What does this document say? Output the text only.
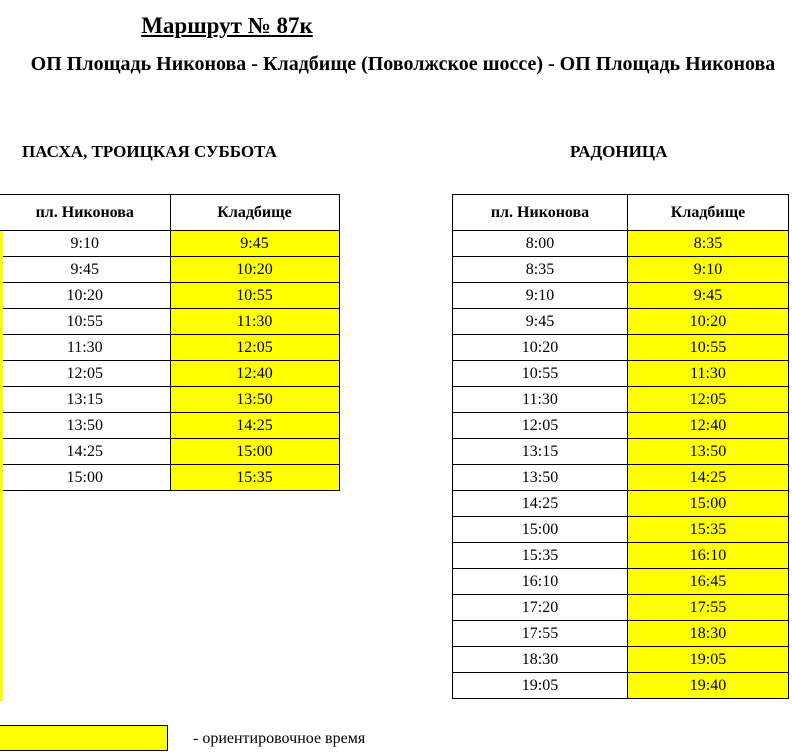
Маршрут № 87к
ОП Площадь Никонова - Кладбище (Поволжское шоссе) - ОП Площадь Никонова
ПАСХА, ТРОИЦКАЯ СУББОТА	РАДОНИЦА
пл. Никонова	Кладбище
9:10	9:45
9:45	10:20
10:20	10:55
10:55	11:30
11:30	12:05
12:05	12:40
13:15	13:50
13:50	14:25
14:25	15:00
15:00	15:35
пл. Никонова	Кладбище
8:00	8:35
8:35	9:10
9:10	9:45
9:45	10:20
10:20	10:55
10:55	11:30
11:30	12:05
12:05	12:40
13:15	13:50
13:50	14:25
14:25	15:00
15:00	15:35
15:35	16:10
16:10	16:45
17:20	17:55
17:55	18:30
18:30	19:05
19:05	19:40
- ориентировочное время
